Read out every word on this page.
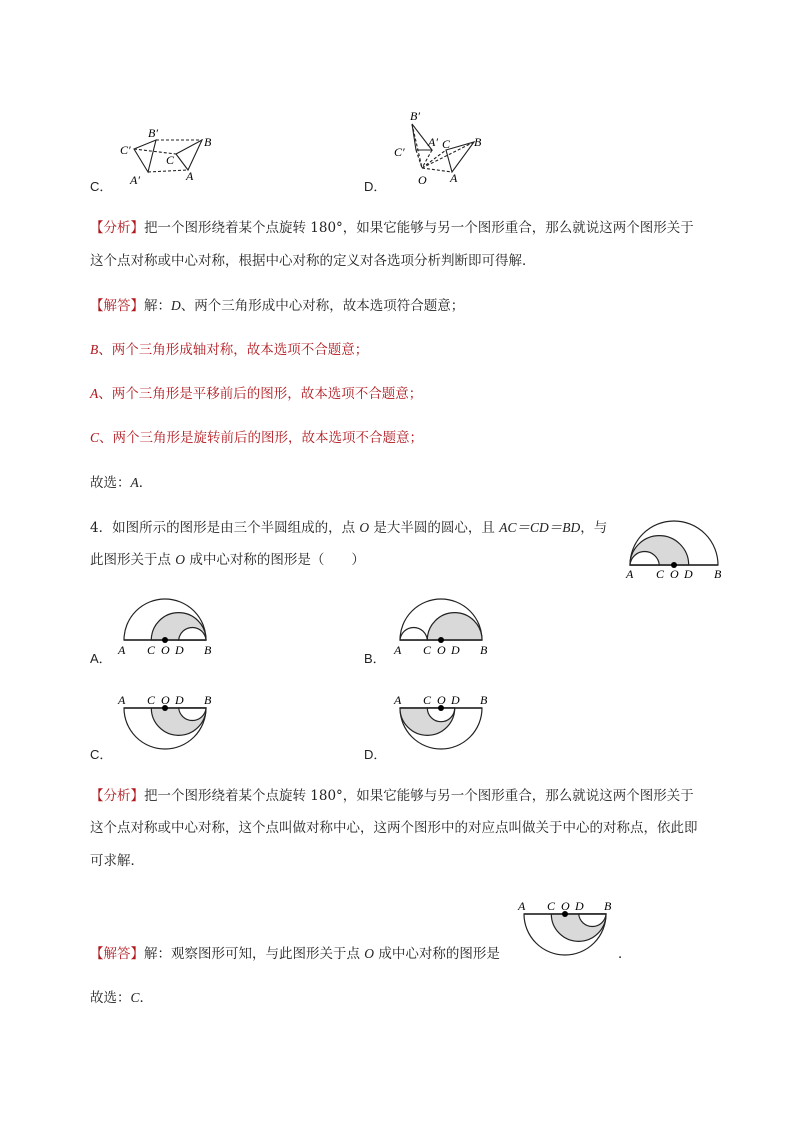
C．
C′
B′
B
C
A′	A
D．
B′
C′
A′ C B
O A
【分析】把一个图形绕着某个点旋转 180°，如果它能够与另一个图形重合，那么就说这两个图形关于
这个点对称或中心对称，根据中心对称的定义对各选项分析判断即可得解．
【解答】解：D、两个三角形成中心对称，故本选项符合题意；
B、两个三角形成轴对称，故本选项不合题意；
A、两个三角形是平移前后的图形，故本选项不合题意；
C、两个三角形是旋转前后的图形，故本选项不合题意；
故选：A．
4．如图所示的图形是由三个半圆组成的，点 O 是大半圆的圆心，且 AC＝CD＝BD，与
此图形关于点 O 成中心对称的图形是（　　）
A C O D B
A．
A C O D B
B．
A C O D B
C．
A C O D B
D．
A C O D B
【分析】把一个图形绕着某个点旋转 180°，如果它能够与另一个图形重合，那么就说这两个图形关于
这个点对称或中心对称，这个点叫做对称中心，这两个图形中的对应点叫做关于中心的对称点，依此即
可求解．
A C O D B
【解答】解：观察图形可知，与此图形关于点 O 成中心对称的图形是	．
故选：C．
